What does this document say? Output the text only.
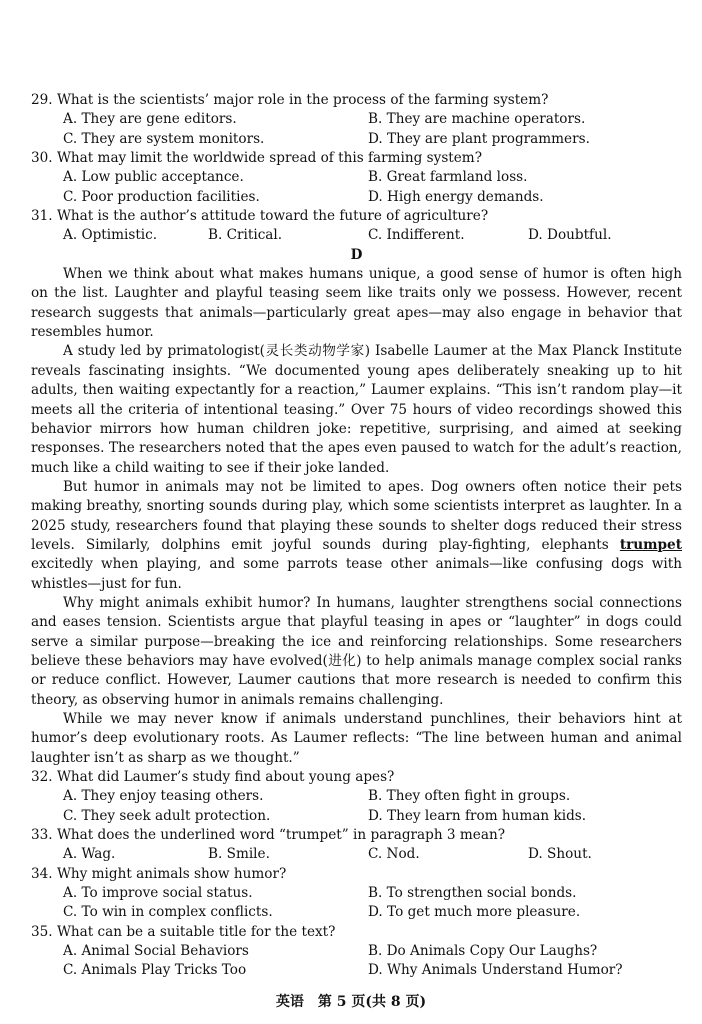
29. What is the scientists’ major role in the process of the farming system?

A. They are gene editors.	B. They are machine operators.
C. They are system monitors.	D. They are plant programmers.

30. What may limit the worldwide spread of this farming system?

A. Low public acceptance.	B. Great farmland loss.
C. Poor production facilities.	D. High energy demands.

31. What is the author’s attitude toward the future of agriculture?

A. Optimistic.	B. Critical.	C. Indifferent.	D. Doubtful.

D

When we think about what makes humans unique, a good sense of humor is often high on the list. Laughter and playful teasing seem like traits only we possess. However, recent research suggests that animals—particularly great apes—may also engage in behavior that resembles humor.

A study led by primatologist(灵长类动物学家) Isabelle Laumer at the Max Planck Institute reveals fascinating insights. “We documented young apes deliberately sneaking up to hit adults, then waiting expectantly for a reaction,” Laumer explains. “This isn’t random play—it meets all the criteria of intentional teasing.” Over 75 hours of video recordings showed this behavior mirrors how human children joke: repetitive, surprising, and aimed at seeking responses. The researchers noted that the apes even paused to watch for the adult’s reaction, much like a child waiting to see if their joke landed.

But humor in animals may not be limited to apes. Dog owners often notice their pets making breathy, snorting sounds during play, which some scientists interpret as laughter. In a 2025 study, researchers found that playing these sounds to shelter dogs reduced their stress levels. Similarly, dolphins emit joyful sounds during play-fighting, elephants trumpet excitedly when playing, and some parrots tease other animals—like confusing dogs with whistles—just for fun.

Why might animals exhibit humor? In humans, laughter strengthens social connections and eases tension. Scientists argue that playful teasing in apes or “laughter” in dogs could serve a similar purpose—breaking the ice and reinforcing relationships. Some researchers believe these behaviors may have evolved(进化) to help animals manage complex social ranks or reduce conflict. However, Laumer cautions that more research is needed to confirm this theory, as observing humor in animals remains challenging.

While we may never know if animals understand punchlines, their behaviors hint at humor’s deep evolutionary roots. As Laumer reflects: “The line between human and animal laughter isn’t as sharp as we thought.”

32. What did Laumer’s study find about young apes?

A. They enjoy teasing others.	B. They often fight in groups.
C. They seek adult protection.	D. They learn from human kids.

33. What does the underlined word “trumpet” in paragraph 3 mean?

A. Wag.	B. Smile.	C. Nod.	D. Shout.

34. Why might animals show humor?

A. To improve social status.	B. To strengthen social bonds.
C. To win in complex conflicts.	D. To get much more pleasure.

35. What can be a suitable title for the text?

A. Animal Social Behaviors	B. Do Animals Copy Our Laughs?
C. Animals Play Tricks Too	D. Why Animals Understand Humor?
英语　第 5 页(共 8 页)
